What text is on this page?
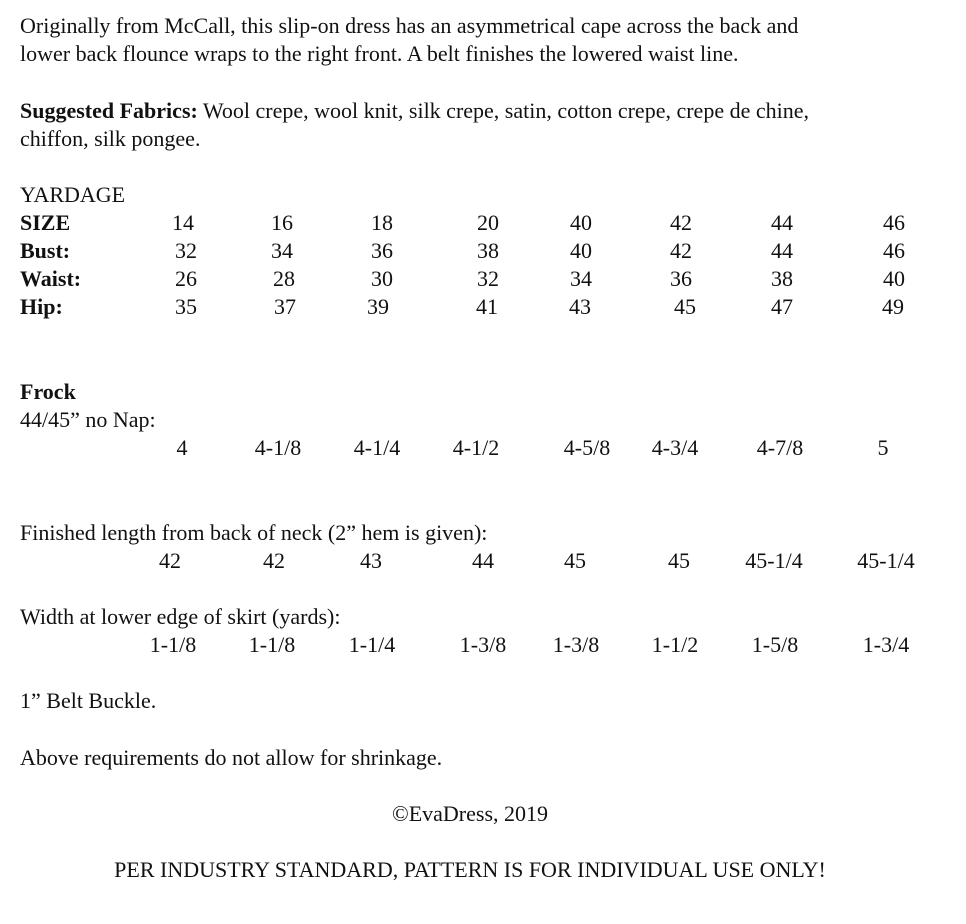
Originally from McCall, this slip-on dress has an asymmetrical cape across the back and
lower back flounce wraps to the right front. A belt finishes the lowered waist line.
Suggested Fabrics: Wool crepe, wool knit, silk crepe, satin, cotton crepe, crepe de chine,
chiffon, silk pongee.
YARDAGE
SIZE	14	16	18	20	40	42	44	46
Bust:	32	34	36	38	40	42	44	46
Waist:	26	28	30	32	34	36	38	40
Hip:	35	37	39	41	43	45	47	49
Frock
44/45” no Nap:
4	4-1/8 4-1/4 4-1/2	4-5/8 4-3/4	4-7/8	5
Finished length from back of neck (2” hem is given):
42	42	43	44	45	45	45-1/4 45-1/4
Width at lower edge of skirt (yards):
1-1/8 1-1/8 1-1/4	1-3/8 1-3/8 1-1/2 1-5/8	1-3/4
1” Belt Buckle.
Above requirements do not allow for shrinkage.
©EvaDress, 2019
PER INDUSTRY STANDARD, PATTERN IS FOR INDIVIDUAL USE ONLY!
